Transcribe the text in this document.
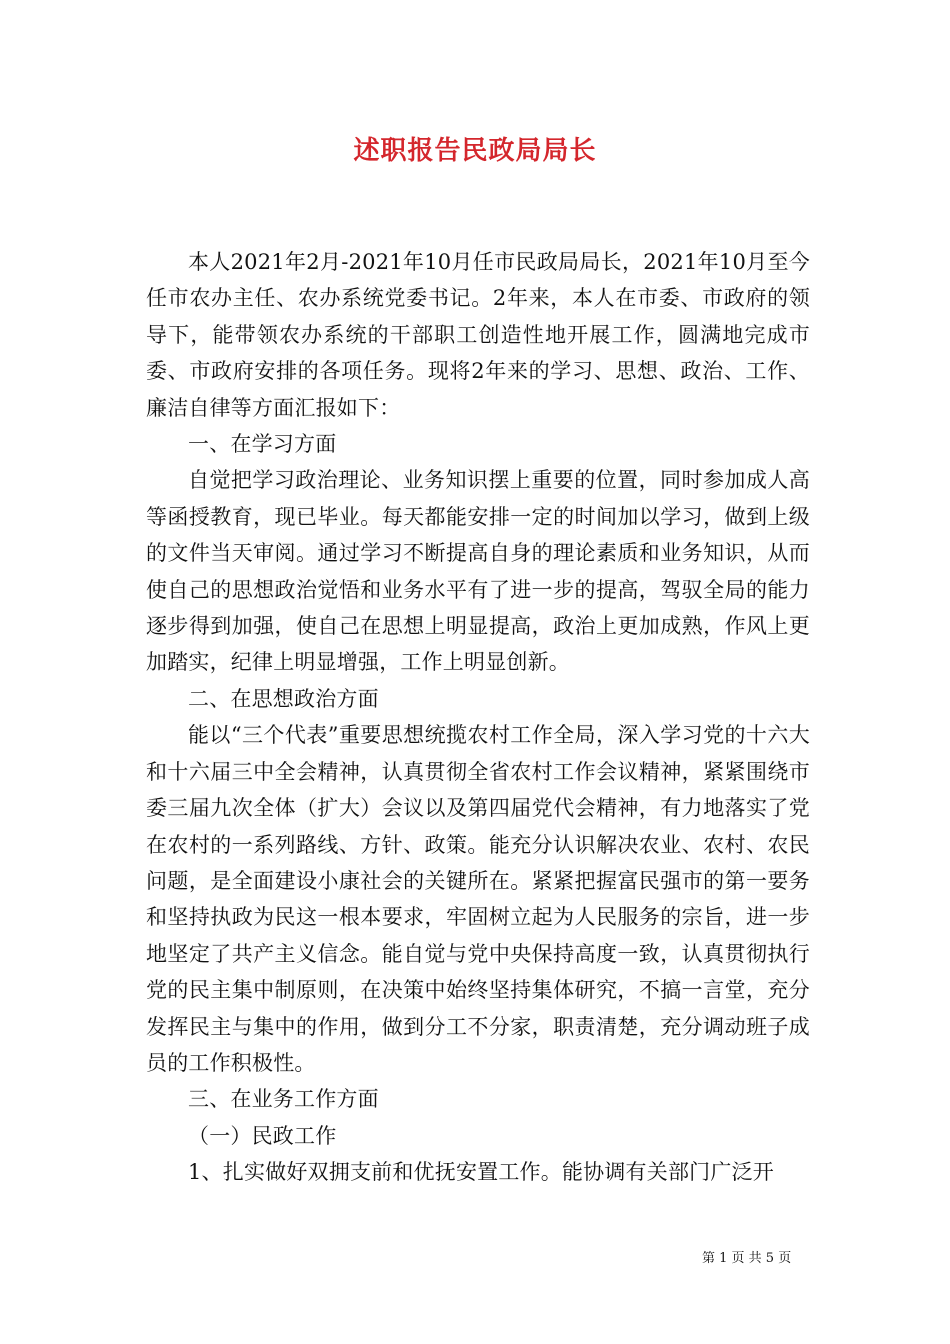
述职报告民政局局长

本人2021年2月-2021年10月任市民政局局长，2021年10月至今任市农办主任、农办系统党委书记。2年来，本人在市委、市政府的领导下，能带领农办系统的干部职工创造性地开展工作，圆满地完成市委、市政府安排的各项任务。现将2年来的学习、思想、政治、工作、廉洁自律等方面汇报如下：

一、在学习方面

自觉把学习政治理论、业务知识摆上重要的位置，同时参加成人高等函授教育，现已毕业。每天都能安排一定的时间加以学习，做到上级的文件当天审阅。通过学习不断提高自身的理论素质和业务知识，从而使自己的思想政治觉悟和业务水平有了进一步的提高，驾驭全局的能力逐步得到加强，使自己在思想上明显提高，政治上更加成熟，作风上更加踏实，纪律上明显增强，工作上明显创新。

二、在思想政治方面

能以“三个代表”重要思想统揽农村工作全局，深入学习党的十六大和十六届三中全会精神，认真贯彻全省农村工作会议精神，紧紧围绕市委三届九次全体（扩大）会议以及第四届党代会精神，有力地落实了党在农村的一系列路线、方针、政策。能充分认识解决农业、农村、农民问题，是全面建设小康社会的关键所在。紧紧把握富民强市的第一要务和坚持执政为民这一根本要求，牢固树立起为人民服务的宗旨，进一步地坚定了共产主义信念。能自觉与党中央保持高度一致，认真贯彻执行党的民主集中制原则，在决策中始终坚持集体研究，不搞一言堂，充分发挥民主与集中的作用，做到分工不分家，职责清楚，充分调动班子成员的工作积极性。

三、在业务工作方面

（一）民政工作

1、扎实做好双拥支前和优抚安置工作。能协调有关部门广泛开

第 1 页 共 5 页
